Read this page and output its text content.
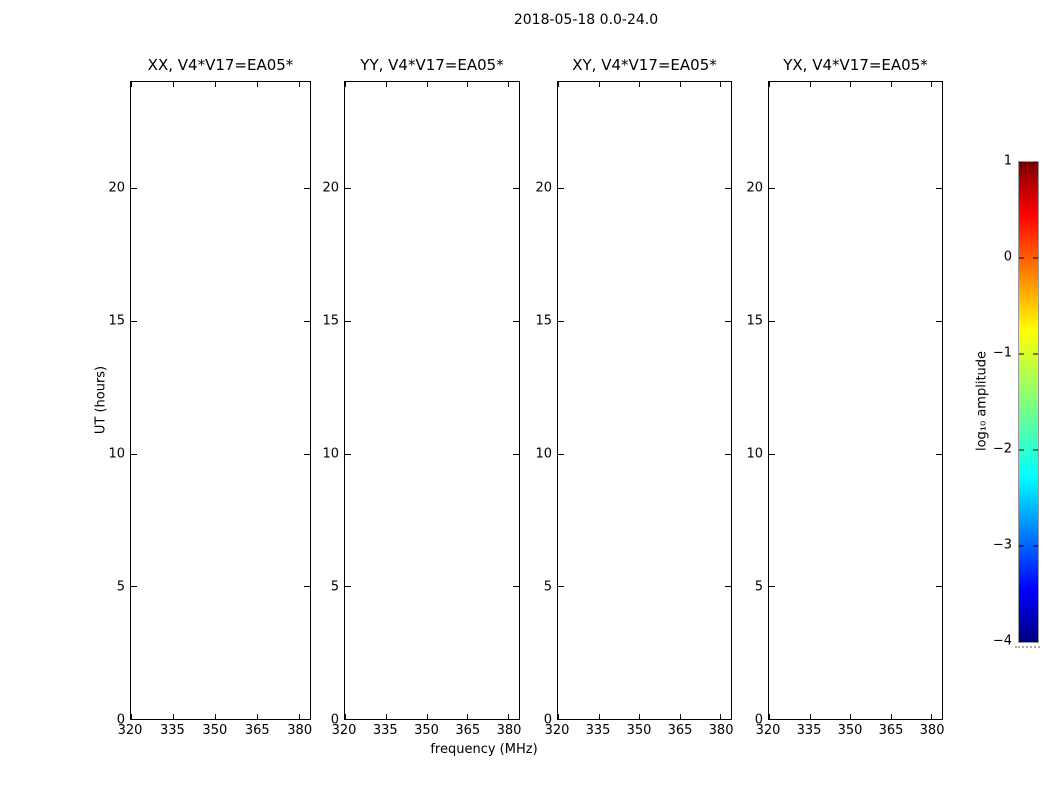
2018-05-18 0.0-24.0
UT (hours)
frequency (MHz)
XX, V4*V17=EA05*
0
5
10
15
20
320 335 350 365 380
YY, V4*V17=EA05*
0
5
10
15
20
320 335 350 365 380
XY, V4*V17=EA05*
0
5
10
15
20
320 335 350 365 380
YX, V4*V17=EA05*
0
5
10
15
20
320 335 350 365 380
log₁₀ amplitude
1
0
−1
−2
−3
−4
